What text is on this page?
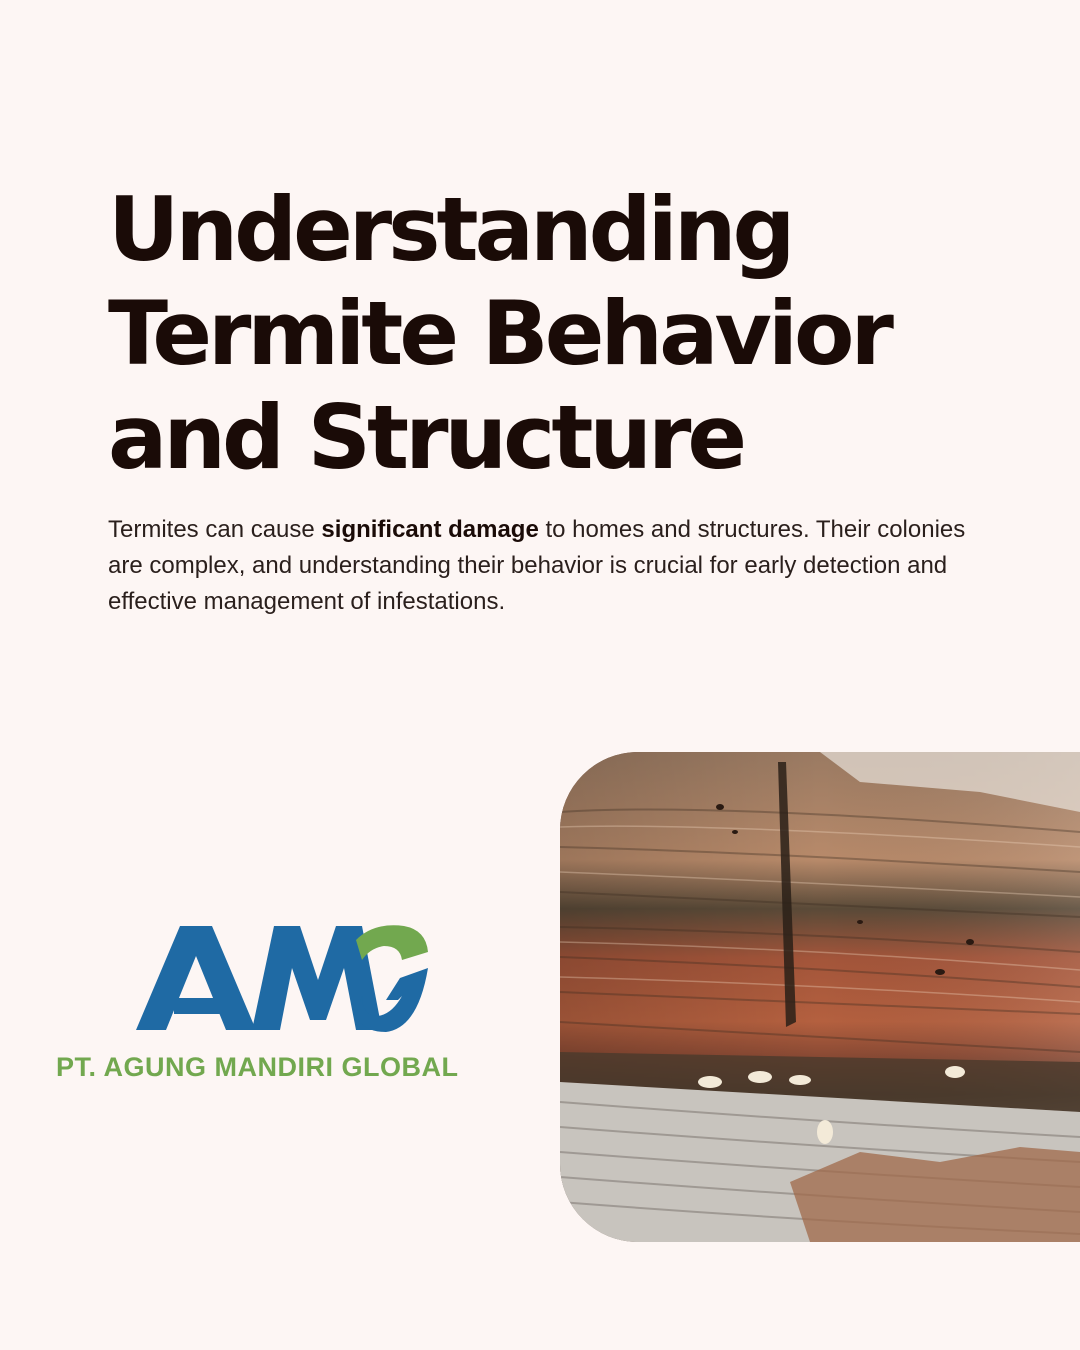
Understanding
Termite Behavior
and Structure

Termites can cause significant damage to homes and structures. Their colonies are complex, and understanding their behavior is crucial for early detection and effective management of infestations.

PT. AGUNG MANDIRI GLOBAL
